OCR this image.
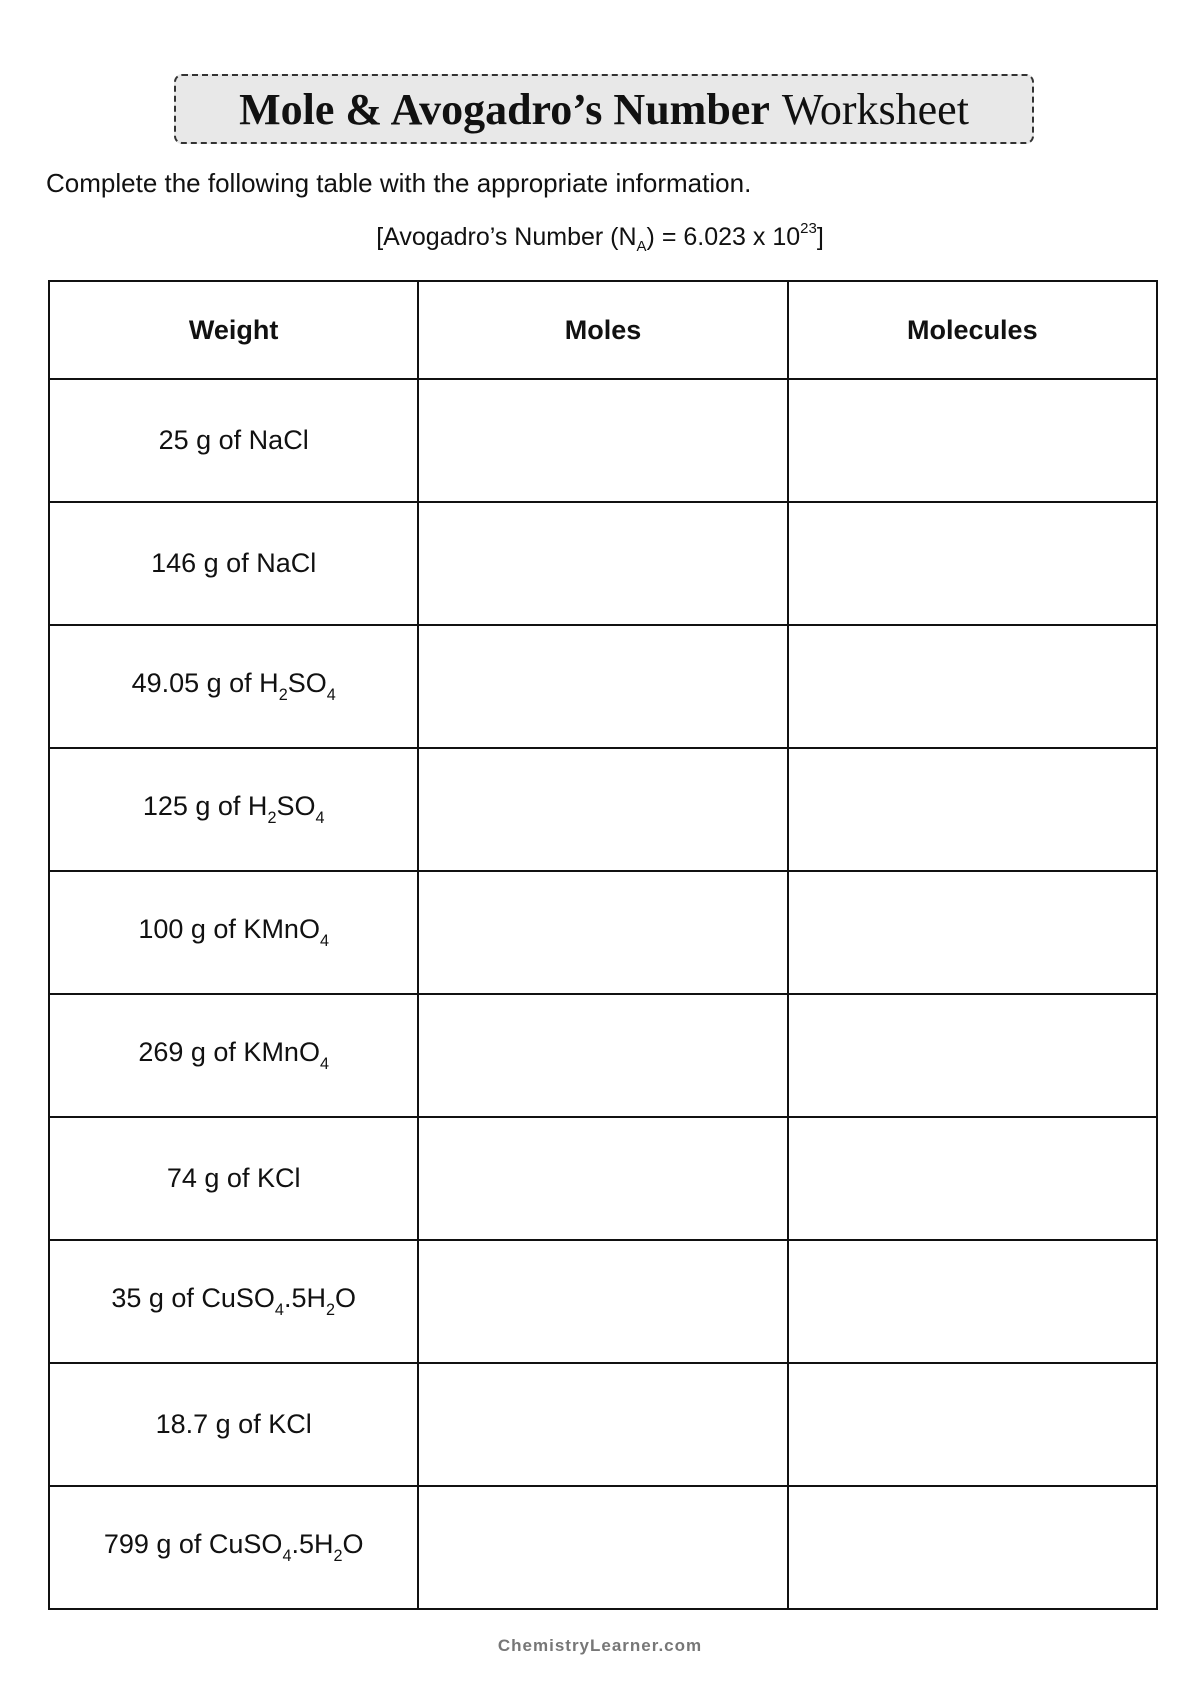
Mole & Avogadro’s Number Worksheet
Complete the following table with the appropriate information.
[Avogadro’s Number $(N_A) = 6.023$ x $10^{23}$]
Weight	Moles	Molecules
25 g of NaCl		
146 g of NaCl		
49.05 g of $H_2SO_4$		
125 g of $H_2SO_4$		
100 g of KMnO$_4$		
269 g of KMnO$_4$		
74 g of KCl		
35 g of $CuSO_4.5H_2O$		
18.7 g of KCl		
799 g of $CuSO_4.5H_2O$		
ChemistryLearner.com
